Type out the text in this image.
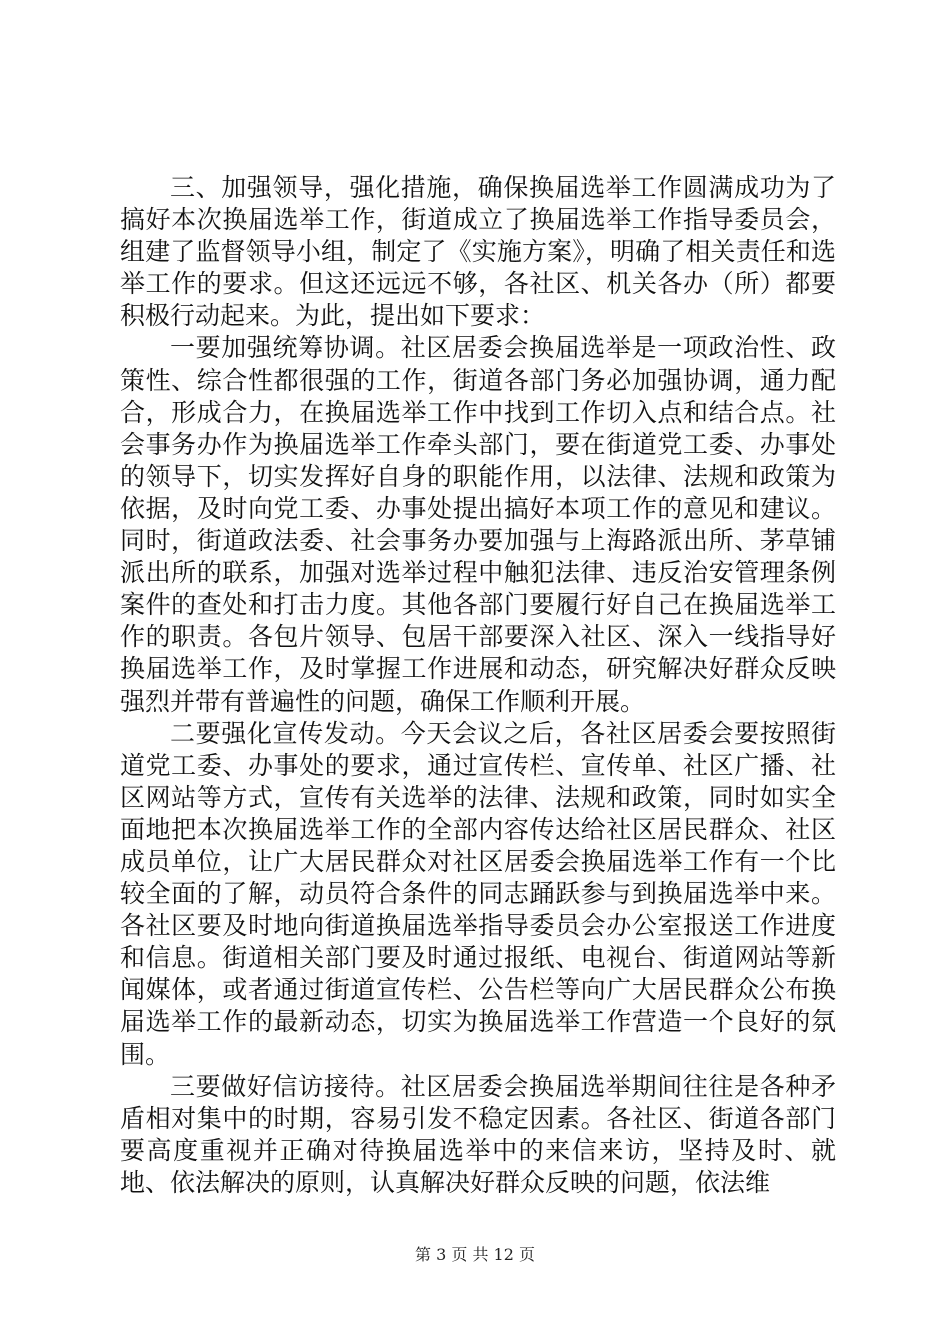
三、加强领导，强化措施，确保换届选举工作圆满成功为了搞好本次换届选举工作，街道成立了换届选举工作指导委员会，组建了监督领导小组，制定了《实施方案》，明确了相关责任和选举工作的要求。但这还远远不够，各社区、机关各办（所）都要积极行动起来。为此，提出如下要求：

一要加强统筹协调。社区居委会换届选举是一项政治性、政策性、综合性都很强的工作，街道各部门务必加强协调，通力配合，形成合力，在换届选举工作中找到工作切入点和结合点。社会事务办作为换届选举工作牵头部门，要在街道党工委、办事处的领导下，切实发挥好自身的职能作用，以法律、法规和政策为依据，及时向党工委、办事处提出搞好本项工作的意见和建议。同时，街道政法委、社会事务办要加强与上海路派出所、茅草铺派出所的联系，加强对选举过程中触犯法律、违反治安管理条例案件的查处和打击力度。其他各部门要履行好自己在换届选举工作的职责。各包片领导、包居干部要深入社区、深入一线指导好换届选举工作，及时掌握工作进展和动态，研究解决好群众反映强烈并带有普遍性的问题，确保工作顺利开展。

二要强化宣传发动。今天会议之后，各社区居委会要按照街道党工委、办事处的要求，通过宣传栏、宣传单、社区广播、社区网站等方式，宣传有关选举的法律、法规和政策，同时如实全面地把本次换届选举工作的全部内容传达给社区居民群众、社区成员单位，让广大居民群众对社区居委会换届选举工作有一个比较全面的了解，动员符合条件的同志踊跃参与到换届选举中来。各社区要及时地向街道换届选举指导委员会办公室报送工作进度和信息。街道相关部门要及时通过报纸、电视台、街道网站等新闻媒体，或者通过街道宣传栏、公告栏等向广大居民群众公布换届选举工作的最新动态，切实为换届选举工作营造一个良好的氛围。

三要做好信访接待。社区居委会换届选举期间往往是各种矛盾相对集中的时期，容易引发不稳定因素。各社区、街道各部门要高度重视并正确对待换届选举中的来信来访，坚持及时、就地、依法解决的原则，认真解决好群众反映的问题，依法维

第 3 页 共 12 页
